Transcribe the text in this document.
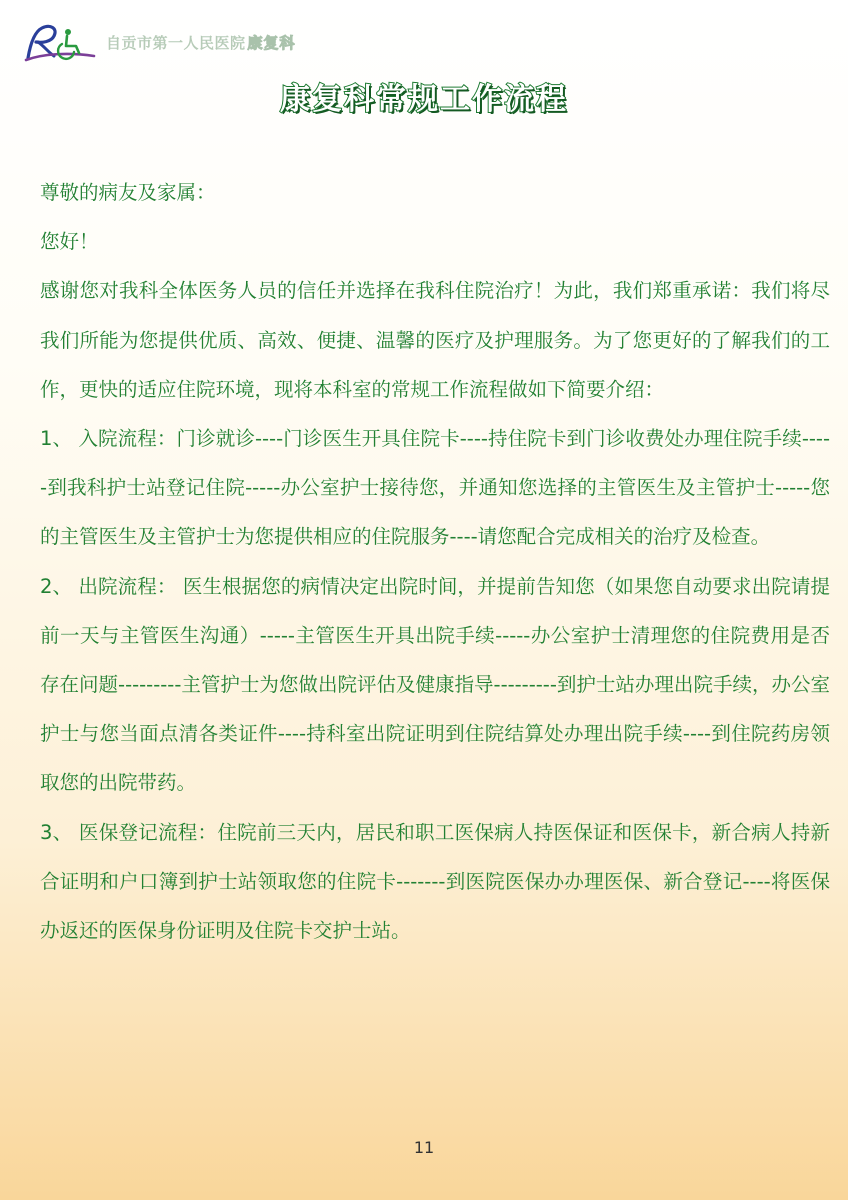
自贡市第一人民医院 康复科
康复科常规工作流程

尊敬的病友及家属：

您好！

感谢您对我科全体医务人员的信任并选择在我科住院治疗！为此，我们郑重承诺：我们将尽我们所能为您提供优质、高效、便捷、温馨的医疗及护理服务。为了您更好的了解我们的工作，更快的适应住院环境，现将本科室的常规工作流程做如下简要介绍：

1、 入院流程：门诊就诊----门诊医生开具住院卡----持住院卡到门诊收费处办理住院手续-----到我科护士站登记住院-----办公室护士接待您，并通知您选择的主管医生及主管护士-----您的主管医生及主管护士为您提供相应的住院服务----请您配合完成相关的治疗及检查。

2、 出院流程： 医生根据您的病情决定出院时间，并提前告知您（如果您自动要求出院请提前一天与主管医生沟通）-----主管医生开具出院手续-----办公室护士清理您的住院费用是否存在问题---------主管护士为您做出院评估及健康指导---------到护士站办理出院手续，办公室护士与您当面点清各类证件----持科室出院证明到住院结算处办理出院手续----到住院药房领取您的出院带药。

3、 医保登记流程：住院前三天内，居民和职工医保病人持医保证和医保卡，新合病人持新合证明和户口簿到护士站领取您的住院卡-------到医院医保办办理医保、新合登记----将医保办返还的医保身份证明及住院卡交护士站。

11
